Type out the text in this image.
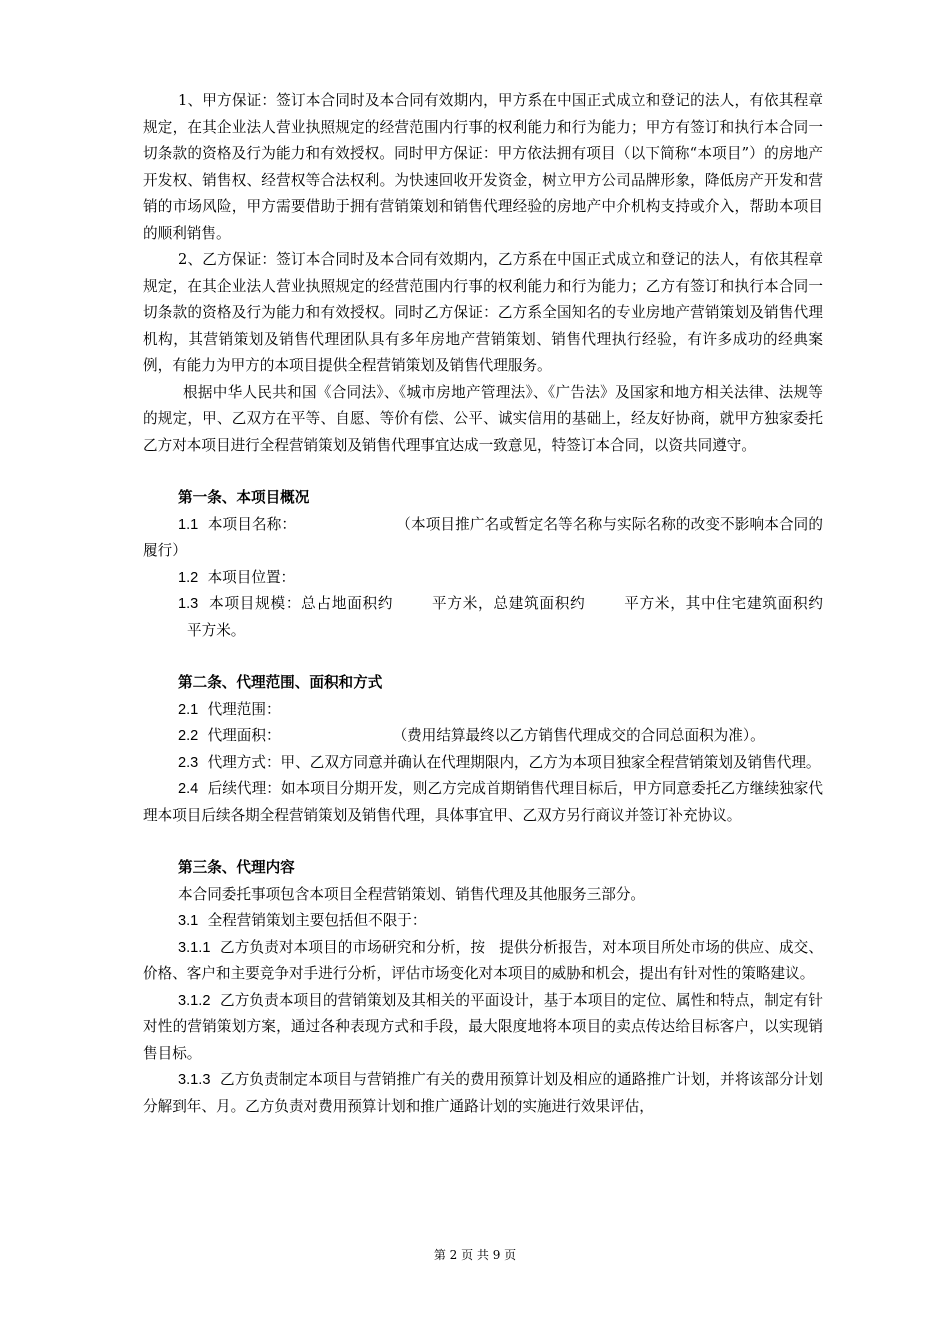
1、甲方保证：签订本合同时及本合同有效期内，甲方系在中国正式成立和登记的法人，有依其程章规定，在其企业法人营业执照规定的经营范围内行事的权利能力和行为能力；甲方有签订和执行本合同一切条款的资格及行为能力和有效授权。同时甲方保证：甲方依法拥有项目（以下简称“本项目”）的房地产开发权、销售权、经营权等合法权利。为快速回收开发资金，树立甲方公司品牌形象，降低房产开发和营销的市场风险，甲方需要借助于拥有营销策划和销售代理经验的房地产中介机构支持或介入，帮助本项目的顺利销售。

2、乙方保证：签订本合同时及本合同有效期内，乙方系在中国正式成立和登记的法人，有依其程章规定，在其企业法人营业执照规定的经营范围内行事的权利能力和行为能力；乙方有签订和执行本合同一切条款的资格及行为能力和有效授权。同时乙方保证：乙方系全国知名的专业房地产营销策划及销售代理机构，其营销策划及销售代理团队具有多年房地产营销策划、销售代理执行经验，有许多成功的经典案例，有能力为甲方的本项目提供全程营销策划及销售代理服务。

根据中华人民共和国《合同法》、《城市房地产管理法》、《广告法》及国家和地方相关法律、法规等的规定，甲、乙双方在平等、自愿、等价有偿、公平、诚实信用的基础上，经友好协商，就甲方独家委托乙方对本项目进行全程营销策划及销售代理事宜达成一致意见，特签订本合同，以资共同遵守。

第一条、本项目概况

1.1 本项目名称：	（本项目推广名或暂定名等名称与实际名称的改变不影响本合同的履行）

1.2 本项目位置：

1.3 本项目规模：总占地面积约	平方米，总建筑面积约	平方米，其中住宅建筑面积约平方米。

第二条、代理范围、面积和方式

2.1 代理范围：

2.2 代理面积：	（费用结算最终以乙方销售代理成交的合同总面积为准）。

2.3 代理方式：甲、乙双方同意并确认在代理期限内，乙方为本项目独家全程营销策划及销售代理。

2.4 后续代理：如本项目分期开发，则乙方完成首期销售代理目标后，甲方同意委托乙方继续独家代理本项目后续各期全程营销策划及销售代理，具体事宜甲、乙双方另行商议并签订补充协议。

第三条、代理内容

本合同委托事项包含本项目全程营销策划、销售代理及其他服务三部分。

3.1 全程营销策划主要包括但不限于：

3.1.1 乙方负责对本项目的市场研究和分析，按 提供分析报告，对本项目所处市场的供应、成交、价格、客户和主要竞争对手进行分析，评估市场变化对本项目的威胁和机会，提出有针对性的策略建议。

3.1.2 乙方负责本项目的营销策划及其相关的平面设计，基于本项目的定位、属性和特点，制定有针对性的营销策划方案，通过各种表现方式和手段，最大限度地将本项目的卖点传达给目标客户，以实现销售目标。

3.1.3 乙方负责制定本项目与营销推广有关的费用预算计划及相应的通路推广计划，并将该部分计划分解到年、月。乙方负责对费用预算计划和推广通路计划的实施进行效果评估，

第 2 页 共 9 页
